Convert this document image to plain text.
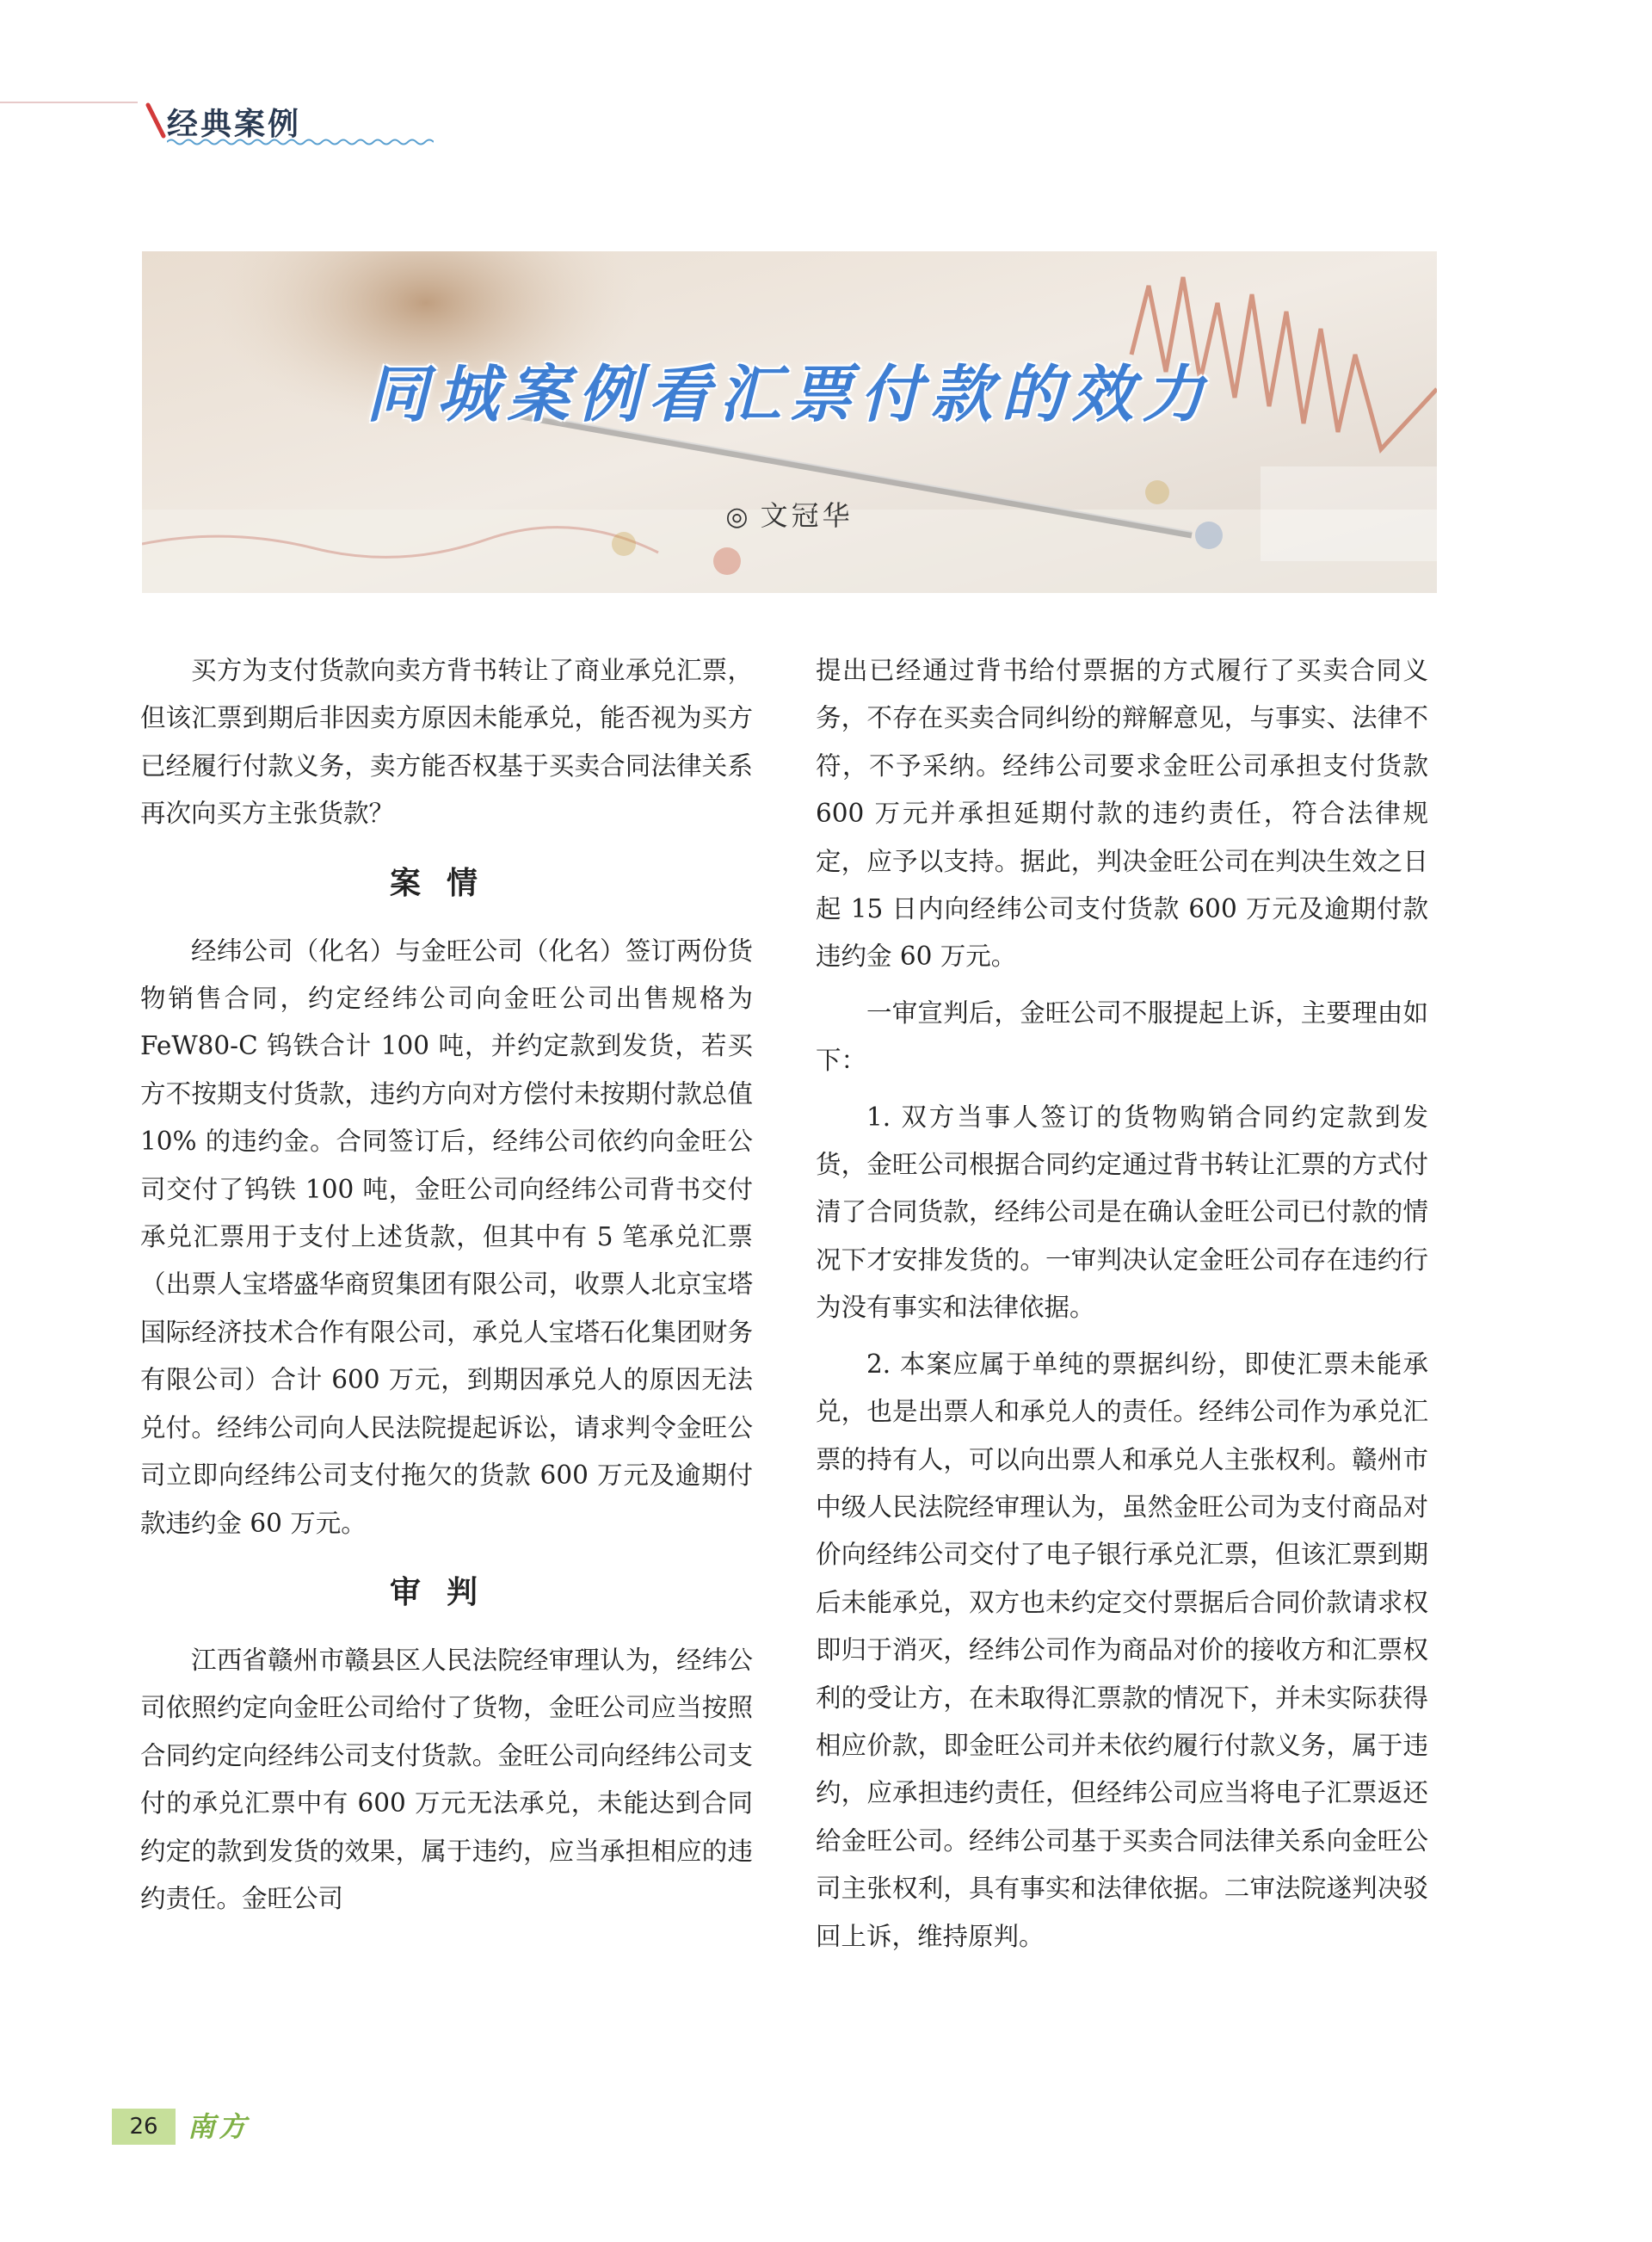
经典案例
同城案例看汇票付款的效力
◎ 文冠华

买方为支付货款向卖方背书转让了商业承兑汇票，但该汇票到期后非因卖方原因未能承兑，能否视为买方已经履行付款义务，卖方能否权基于买卖合同法律关系再次向买方主张货款？

案情

经纬公司（化名）与金旺公司（化名）签订两份货物销售合同，约定经纬公司向金旺公司出售规格为 FeW80-C 钨铁合计 100 吨，并约定款到发货，若买方不按期支付货款，违约方向对方偿付未按期付款总值 10% 的违约金。合同签订后，经纬公司依约向金旺公司交付了钨铁 100 吨，金旺公司向经纬公司背书交付承兑汇票用于支付上述货款，但其中有 5 笔承兑汇票（出票人宝塔盛华商贸集团有限公司，收票人北京宝塔国际经济技术合作有限公司，承兑人宝塔石化集团财务有限公司）合计 600 万元，到期因承兑人的原因无法兑付。经纬公司向人民法院提起诉讼，请求判令金旺公司立即向经纬公司支付拖欠的货款 600 万元及逾期付款违约金 60 万元。

审判

江西省赣州市赣县区人民法院经审理认为，经纬公司依照约定向金旺公司给付了货物，金旺公司应当按照合同约定向经纬公司支付货款。金旺公司向经纬公司支付的承兑汇票中有 600 万元无法承兑，未能达到合同约定的款到发货的效果，属于违约，应当承担相应的违约责任。金旺公司

提出已经通过背书给付票据的方式履行了买卖合同义务，不存在买卖合同纠纷的辩解意见，与事实、法律不符，不予采纳。经纬公司要求金旺公司承担支付货款 600 万元并承担延期付款的违约责任，符合法律规定，应予以支持。据此，判决金旺公司在判决生效之日起 15 日内向经纬公司支付货款 600 万元及逾期付款违约金 60 万元。

一审宣判后，金旺公司不服提起上诉，主要理由如下：

1. 双方当事人签订的货物购销合同约定款到发货，金旺公司根据合同约定通过背书转让汇票的方式付清了合同货款，经纬公司是在确认金旺公司已付款的情况下才安排发货的。一审判决认定金旺公司存在违约行为没有事实和法律依据。

2. 本案应属于单纯的票据纠纷，即使汇票未能承兑，也是出票人和承兑人的责任。经纬公司作为承兑汇票的持有人，可以向出票人和承兑人主张权利。赣州市中级人民法院经审理认为，虽然金旺公司为支付商品对价向经纬公司交付了电子银行承兑汇票，但该汇票到期后未能承兑，双方也未约定交付票据后合同价款请求权即归于消灭，经纬公司作为商品对价的接收方和汇票权利的受让方，在未取得汇票款的情况下，并未实际获得相应价款，即金旺公司并未依约履行付款义务，属于违约，应承担违约责任，但经纬公司应当将电子汇票返还给金旺公司。经纬公司基于买卖合同法律关系向金旺公司主张权利，具有事实和法律依据。二审法院遂判决驳回上诉，维持原判。

26	南方
